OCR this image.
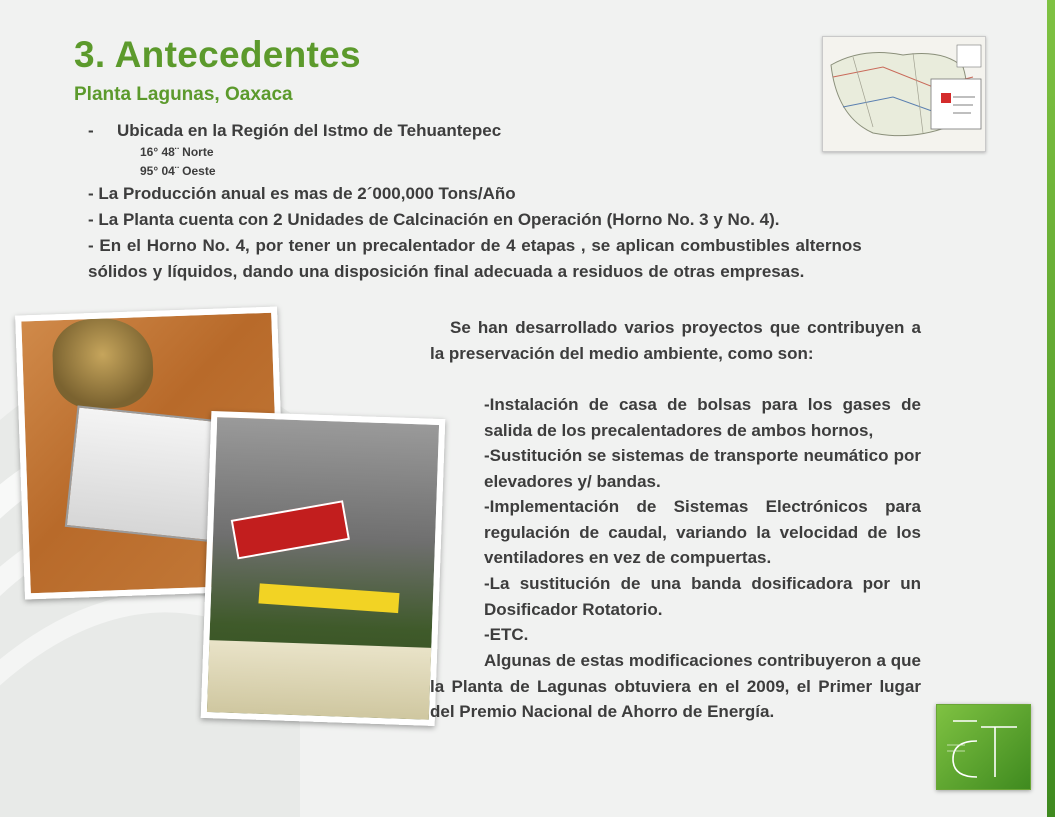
3. Antecedentes
Planta Lagunas, Oaxaca
- Ubicada en la Región del Istmo de Tehuantepec
16° 48¨ Norte
95° 04¨ Oeste
- La Producción anual es mas de 2´000,000 Tons/Año
- La Planta cuenta con 2 Unidades de Calcinación en Operación (Horno No. 3 y No. 4).
- En el Horno No. 4, por tener un precalentador de 4 etapas , se aplican combustibles alternos
sólidos y líquidos, dando una disposición final adecuada a residuos de otras empresas.
Se han desarrollado varios proyectos que contribuyen a la preservación del medio ambiente, como son:
-Instalación de casa de bolsas para los gases de salida de los precalentadores de ambos hornos,
-Sustitución se sistemas de transporte neumático por elevadores y/ bandas.
-Implementación de Sistemas Electrónicos para regulación de caudal, variando la velocidad de los ventiladores en vez de compuertas.
-La sustitución de una banda dosificadora por un Dosificador Rotatorio.
-ETC.
Algunas de estas modificaciones contribuyeron a que la Planta de Lagunas obtuviera en el 2009, el Primer lugar del Premio Nacional de Ahorro de Energía.
